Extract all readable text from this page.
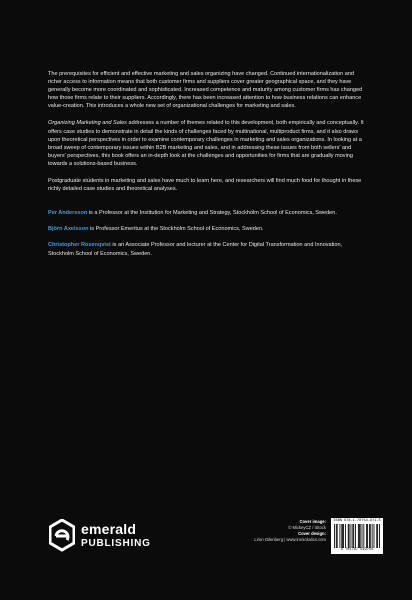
The prerequisites for efficient and effective marketing and sales organizing have changed. Continued internationalization and richer access to information means that both customer firms and suppliers cover greater geographical space, and they have generally become more coordinated and sophisticated. Increased competence and maturity among customer firms has changed how those firms relate to their suppliers. Accordingly, there has been increased attention to how business relations can enhance value-creation. This introduces a whole new set of organizational challenges for marketing and sales.

Organizing Marketing and Sales addresses a number of themes related to this development, both empirically and conceptually. It offers case studies to demonstrate in detail the kinds of challenges faced by multinational, multiproduct firms, and it also draws upon theoretical perspectives in order to examine contemporary challenges in marketing and sales organizations. In looking at a broad sweep of contemporary issues within B2B marketing and sales, and in addressing these issues from both sellers' and buyers' perspectives, this book offers an in-depth look at the challenges and opportunities for firms that are gradually moving towards a solutions-based business.

Postgraduate students in marketing and sales have much to learn here, and researchers will find much food for thought in these richly detailed case studies and theoretical analyses.

Per Andersson is a Professor at the Institution for Marketing and Strategy, Stockholm School of Economics, Sweden.

Björn Axelsson is Professor Emeritus at the Stockholm School of Economics, Sweden.

Christopher Rosenqvist is an Associate Professor and lecturer at the Center for Digital Transformation and Innovation, Stockholm School of Economics, Sweden.

emerald
PUBLISHING
Cover image:
© MickeyCZ / iStock
Cover design:
Liron Gilenberg | www.ironicitalics.com
ISBN 978-1-78754-971-5
9 781787 549715
